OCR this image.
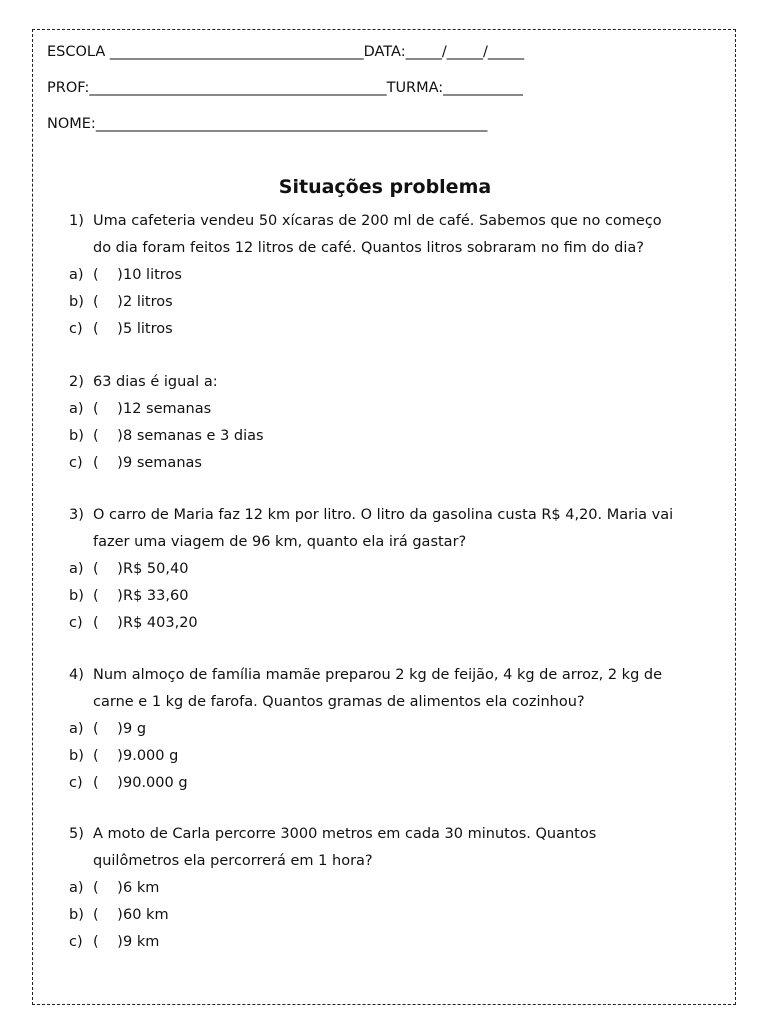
ESCOLA ___________________________________DATA:_____/_____/_____
PROF:_________________________________________TURMA:___________
NOME:______________________________________________________
Situações problema
1) Uma cafeteria vendeu 50 xícaras de 200 ml de café. Sabemos que no começo
do dia foram feitos 12 litros de café. Quantos litros sobraram no fim do dia?
a) (    )10 litros
b) (    )2 litros
c) (    )5 litros
2) 63 dias é igual a:
a) (    )12 semanas
b) (    )8 semanas e 3 dias
c) (    )9 semanas
3) O carro de Maria faz 12 km por litro. O litro da gasolina custa R$ 4,20. Maria vai
fazer uma viagem de 96 km, quanto ela irá gastar?
a) (    )R$ 50,40
b) (    )R$ 33,60
c) (    )R$ 403,20
4) Num almoço de família mamãe preparou 2 kg de feijão, 4 kg de arroz, 2 kg de
carne e 1 kg de farofa. Quantos gramas de alimentos ela cozinhou?
a) (    )9 g
b) (    )9.000 g
c) (    )90.000 g
5) A moto de Carla percorre 3000 metros em cada 30 minutos. Quantos
quilômetros ela percorrerá em 1 hora?
a) (    )6 km
b) (    )60 km
c) (    )9 km
